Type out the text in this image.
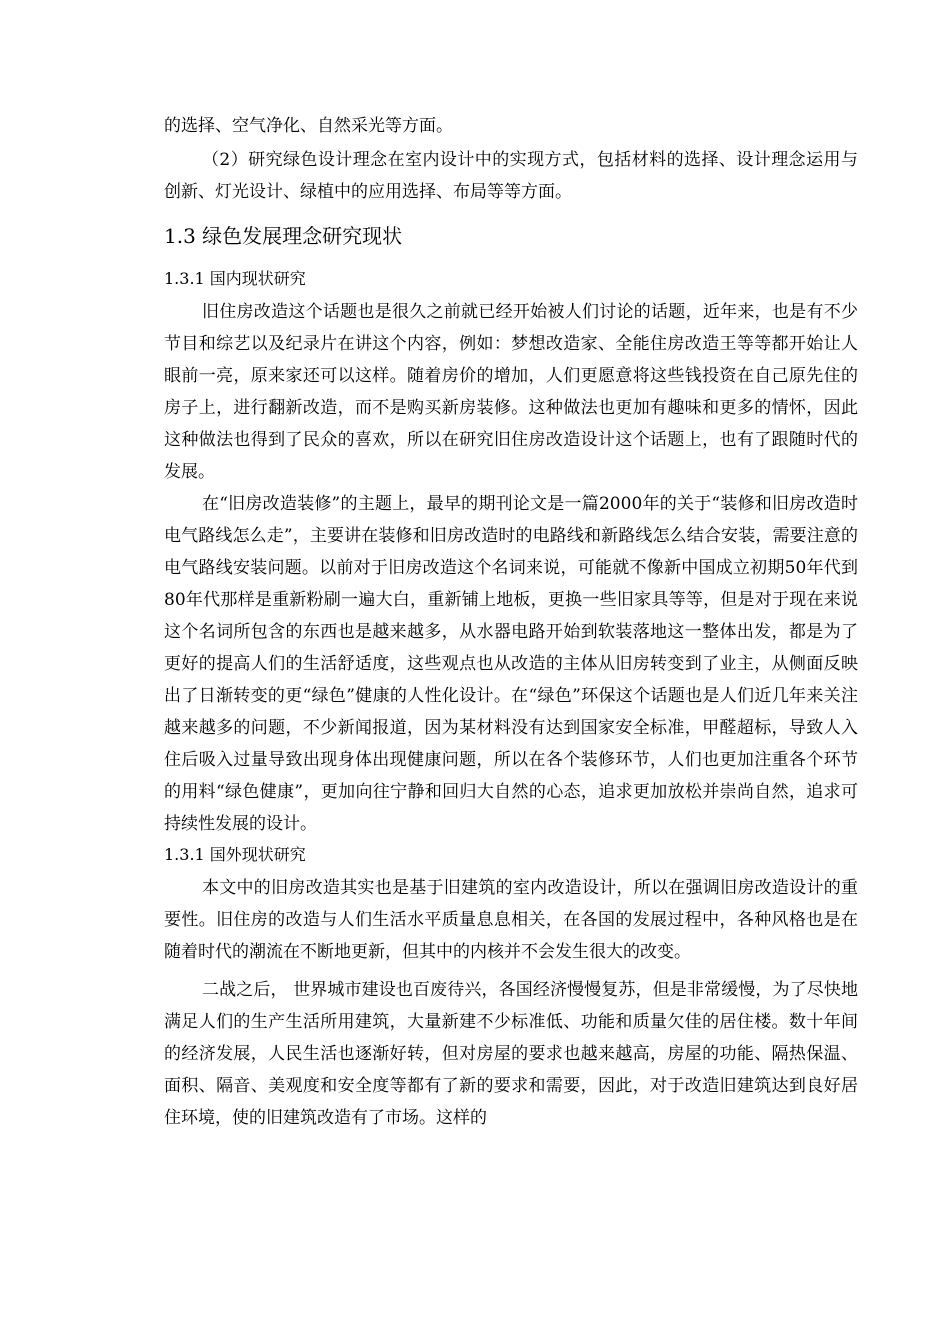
的选择、空气净化、自然采光等方面。

（2）研究绿色设计理念在室内设计中的实现方式，包括材料的选择、设计理念运用与创新、灯光设计、绿植中的应用选择、布局等等方面。

1.3 绿色发展理念研究现状

1.3.1 国内现状研究

旧住房改造这个话题也是很久之前就已经开始被人们讨论的话题，近年来，也是有不少节目和综艺以及纪录片在讲这个内容，例如：梦想改造家、全能住房改造王等等都开始让人眼前一亮，原来家还可以这样。随着房价的增加，人们更愿意将这些钱投资在自己原先住的房子上，进行翻新改造，而不是购买新房装修。这种做法也更加有趣味和更多的情怀，因此这种做法也得到了民众的喜欢，所以在研究旧住房改造设计这个话题上，也有了跟随时代的发展。

在“旧房改造装修”的主题上，最早的期刊论文是一篇2000年的关于“装修和旧房改造时电气路线怎么走”，主要讲在装修和旧房改造时的电路线和新路线怎么结合安装，需要注意的电气路线安装问题。以前对于旧房改造这个名词来说，可能就不像新中国成立初期50年代到80年代那样是重新粉刷一遍大白，重新铺上地板，更换一些旧家具等等，但是对于现在来说这个名词所包含的东西也是越来越多，从水器电路开始到软装落地这一整体出发，都是为了更好的提高人们的生活舒适度，这些观点也从改造的主体从旧房转变到了业主，从侧面反映出了日渐转变的更“绿色”健康的人性化设计。在“绿色”环保这个话题也是人们近几年来关注越来越多的问题，不少新闻报道，因为某材料没有达到国家安全标准，甲醛超标，导致人入住后吸入过量导致出现身体出现健康问题，所以在各个装修环节，人们也更加注重各个环节的用料“绿色健康”，更加向往宁静和回归大自然的心态，追求更加放松并崇尚自然，追求可持续性发展的设计。

1.3.1 国外现状研究

本文中的旧房改造其实也是基于旧建筑的室内改造设计，所以在强调旧房改造设计的重要性。旧住房的改造与人们生活水平质量息息相关，在各国的发展过程中，各种风格也是在随着时代的潮流在不断地更新，但其中的内核并不会发生很大的改变。

二战之后， 世界城市建设也百废待兴，各国经济慢慢复苏，但是非常缓慢，为了尽快地满足人们的生产生活所用建筑，大量新建不少标准低、功能和质量欠佳的居住楼。数十年间的经济发展，人民生活也逐渐好转，但对房屋的要求也越来越高，房屋的功能、隔热保温、面积、隔音、美观度和安全度等都有了新的要求和需要，因此，对于改造旧建筑达到良好居住环境，使的旧建筑改造有了市场。这样的
